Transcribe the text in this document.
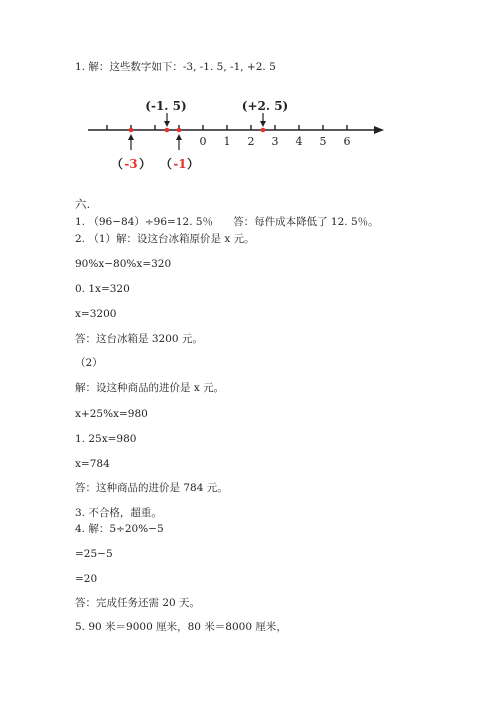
1. 解：这些数字如下：-3, -1. 5, -1, +2. 5
0 1 2 3 4 5 6
(-1. 5)	(+2. 5)
（ -3 ） （ -1 ）
六.
1. （96−84）÷96=12. 5％      答：每件成本降低了 12. 5％。
2. （1）解：设这台冰箱原价是 x 元。
90%x−80%x=320
0. 1x=320
x=3200
答：这台冰箱是 3200 元。
（2）
解：设这种商品的进价是 x 元。
x+25%x=980
1. 25x=980
x=784
答：这种商品的进价是 784 元。
3. 不合格，超重。
4. 解：5÷20%−5
=25−5
=20
答：完成任务还需 20 天。
5. 90 米＝9000 厘米，80 米＝8000 厘米，
